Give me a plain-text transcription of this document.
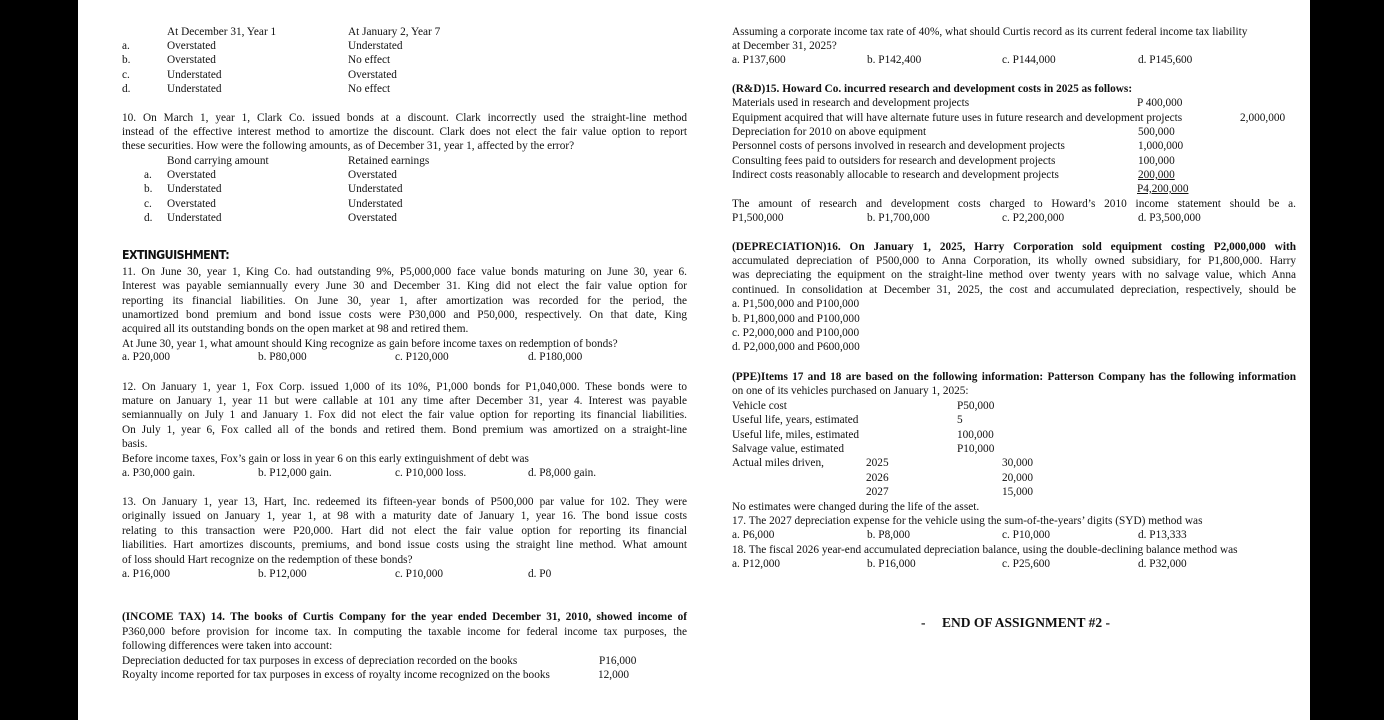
At December 31, Year 1	At January 2, Year 7
a.	Overstated	Understated
b.	Overstated	No effect
c.	Understated	Overstated
d.	Understated	No effect
10. On March 1, year 1, Clark Co. issued bonds at a discount. Clark incorrectly used the straight-line method
instead of the effective interest method to amortize the discount. Clark does not elect the fair value option to report
these securities. How were the following amounts, as of December 31, year 1, affected by the error?
Bond carrying amount	Retained earnings
a. Overstated	Overstated
b. Understated	Understated
c. Overstated	Understated
d. Understated	Overstated
EXTINGUISHMENT:
11. On June 30, year 1, King Co. had outstanding 9%, P5,000,000 face value bonds maturing on June 30, year 6.
Interest was payable semiannually every June 30 and December 31. King did not elect the fair value option for
reporting its financial liabilities. On June 30, year 1, after amortization was recorded for the period, the
unamortized bond premium and bond issue costs were P30,000 and P50,000, respectively. On that date, King
acquired all its outstanding bonds on the open market at 98 and retired them.
At June 30, year 1, what amount should King recognize as gain before income taxes on redemption of bonds?
a. P20,000	b. P80,000	c. P120,000	d. P180,000
12. On January 1, year 1, Fox Corp. issued 1,000 of its 10%, P1,000 bonds for P1,040,000. These bonds were to
mature on January 1, year 11 but were callable at 101 any time after December 31, year 4. Interest was payable
semiannually on July 1 and January 1. Fox did not elect the fair value option for reporting its financial liabilities.
On July 1, year 6, Fox called all of the bonds and retired them. Bond premium was amortized on a straight-line
basis.
Before income taxes, Fox’s gain or loss in year 6 on this early extinguishment of debt was
a. P30,000 gain.	b. P12,000 gain.	c. P10,000 loss.	d. P8,000 gain.
13. On January 1, year 13, Hart, Inc. redeemed its fifteen-year bonds of P500,000 par value for 102. They were
originally issued on January 1, year 1, at 98 with a maturity date of January 1, year 16. The bond issue costs
relating to this transaction were P20,000. Hart did not elect the fair value option for reporting its financial
liabilities. Hart amortizes discounts, premiums, and bond issue costs using the straight line method. What amount
of loss should Hart recognize on the redemption of these bonds?
a. P16,000	b. P12,000	c. P10,000	d. P0
(INCOME TAX) 14. The books of Curtis Company for the year ended December 31, 2010, showed income of
P360,000 before provision for income tax. In computing the taxable income for federal income tax purposes, the
following differences were taken into account:
Depreciation deducted for tax purposes in excess of depreciation recorded on the books	P16,000
Royalty income reported for tax purposes in excess of royalty income recognized on the books	12,000
Assuming a corporate income tax rate of 40%, what should Curtis record as its current federal income tax liability
at December 31, 2025?
a. P137,600	b. P142,400	c. P144,000	d. P145,600
(R&D)15. Howard Co. incurred research and development costs in 2025 as follows:
Materials used in research and development projects	P 400,000
Equipment acquired that will have alternate future uses in future research and development projects	2,000,000
Depreciation for 2010 on above equipment	500,000
Personnel costs of persons involved in research and development projects	1,000,000
Consulting fees paid to outsiders for research and development projects	100,000
Indirect costs reasonably allocable to research and development projects	200,000
P4,200,000
The amount of research and development costs charged to Howard’s 2010 income statement should be a.
P1,500,000	b. P1,700,000	c. P2,200,000	d. P3,500,000
(DEPRECIATION)16. On January 1, 2025, Harry Corporation sold equipment costing P2,000,000 with
accumulated depreciation of P500,000 to Anna Corporation, its wholly owned subsidiary, for P1,800,000. Harry
was depreciating the equipment on the straight-line method over twenty years with no salvage value, which Anna
continued. In consolidation at December 31, 2025, the cost and accumulated depreciation, respectively, should be
a. P1,500,000 and P100,000
b. P1,800,000 and P100,000
c. P2,000,000 and P100,000
d. P2,000,000 and P600,000
(PPE)Items 17 and 18 are based on the following information: Patterson Company has the following information
on one of its vehicles purchased on January 1, 2025:
Vehicle cost	P50,000
Useful life, years, estimated	5
Useful life, miles, estimated	100,000
Salvage value, estimated	P10,000
Actual miles driven,	2025	30,000
2026	20,000
2027	15,000
No estimates were changed during the life of the asset.
17. The 2027 depreciation expense for the vehicle using the sum-of-the-years’ digits (SYD) method was
a. P6,000	b. P8,000	c. P10,000	d. P13,333
18. The fiscal 2026 year-end accumulated depreciation balance, using the double-declining balance method was
a. P12,000	b. P16,000	c. P25,600	d. P32,000
- END OF ASSIGNMENT #2 -
